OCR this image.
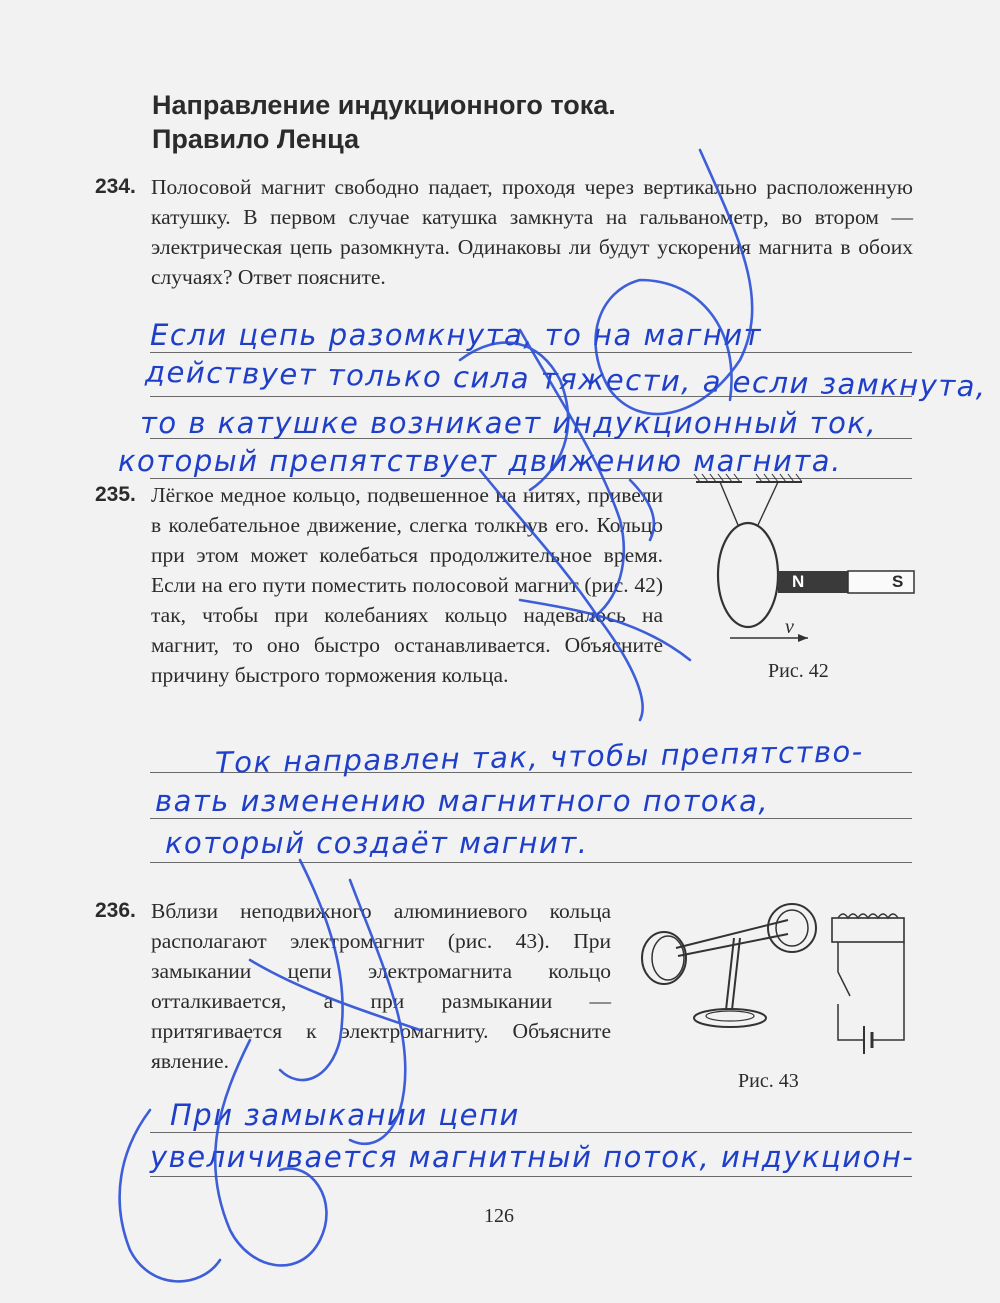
Направление индукционного тока.
Правило Ленца
234. Полосовой магнит свободно падает, проходя через вертикально расположенную катушку. В первом случае катушка замкнута на гальванометр, во втором — электрическая цепь разомкнута. Одинаковы ли будут ускорения магнита в обоих случаях? Ответ поясните.
Если цепь разомкнута, то на магнит
действует только сила тяжести, а если замкнута,
то в катушке возникает индукционный ток,
который препятствует движению магнита.
235. Лёгкое медное кольцо, подвешенное на нитях, привели в колебательное движение, слегка толкнув его. Кольцо при этом может колебаться продолжительное время. Если на его пути поместить полосовой магнит (рис. 42) так, чтобы при колебаниях кольцо надевалось на магнит, то оно быстро останавливается. Объясните причину быстрого торможения кольца.
N	S
v
Рис. 42
Ток направлен так, чтобы препятство-
вать изменению магнитного потока,
который создаёт магнит.
236. Вблизи неподвижного алюминиевого кольца располагают электромагнит (рис. 43). При замыкании цепи электромагнита кольцо отталкивается, а при размыкании — притягивается к электромагниту. Объясните явление.
Рис. 43
При замыкании цепи
увеличивается магнитный поток, индукцион-
126
